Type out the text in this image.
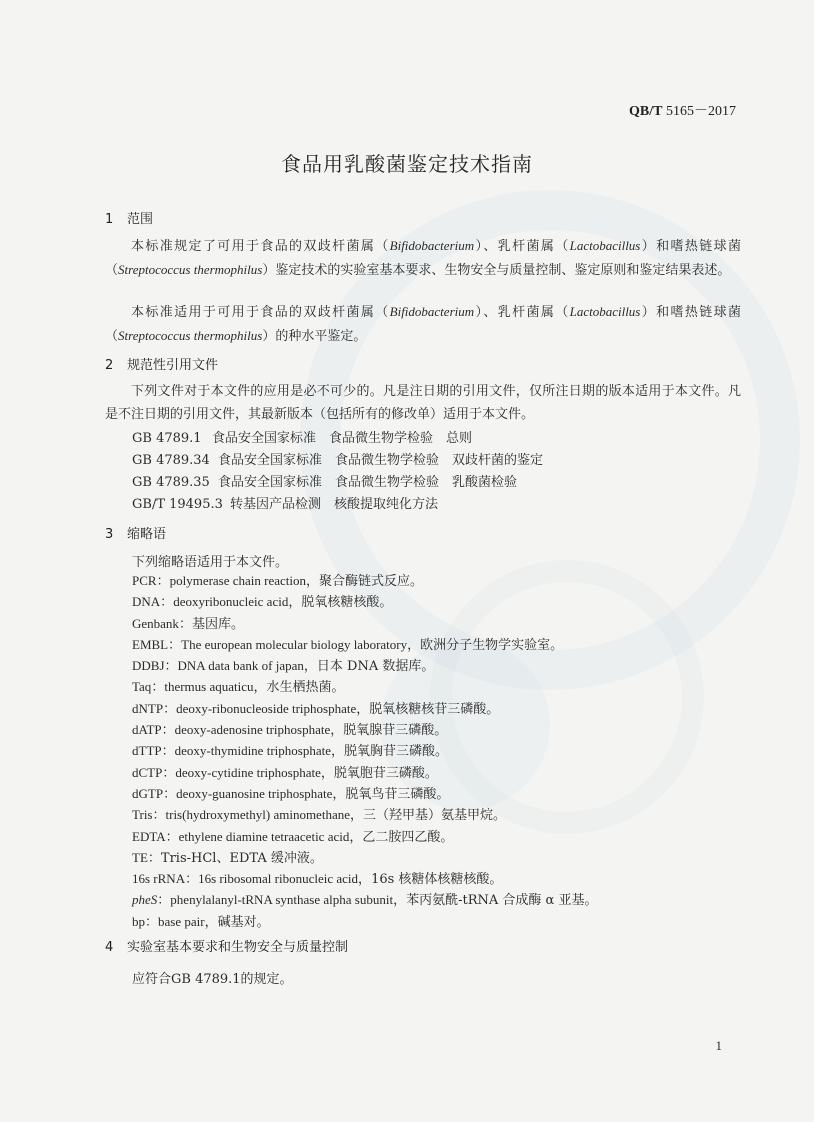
QB/T 5165－2017
食品用乳酸菌鉴定技术指南
1 范围

本标准规定了可用于食品的双歧杆菌属（Bifidobacterium）、乳杆菌属（Lactobacillus）和嗜热链球菌（Streptococcus thermophilus）鉴定技术的实验室基本要求、生物安全与质量控制、鉴定原则和鉴定结果表述。

本标准适用于可用于食品的双歧杆菌属（Bifidobacterium）、乳杆菌属（Lactobacillus）和嗜热链球菌（Streptococcus thermophilus）的种水平鉴定。

2 规范性引用文件

下列文件对于本文件的应用是必不可少的。凡是注日期的引用文件，仅所注日期的版本适用于本文件。凡是不注日期的引用文件，其最新版本（包括所有的修改单）适用于本文件。

GB 4789.1 食品安全国家标准　食品微生物学检验　总则
GB 4789.34 食品安全国家标准　食品微生物学检验　双歧杆菌的鉴定
GB 4789.35 食品安全国家标准　食品微生物学检验　乳酸菌检验
GB/T 19495.3 转基因产品检测　核酸提取纯化方法
3 缩略语
下列缩略语适用于本文件。
PCR：polymerase chain reaction，聚合酶链式反应。
DNA：deoxyribonucleic acid，脱氧核糖核酸。
Genbank：基因库。
EMBL：The european molecular biology laboratory，欧洲分子生物学实验室。
DDBJ：DNA data bank of japan，日本 DNA 数据库。
Taq：thermus aquaticu，水生栖热菌。
dNTP：deoxy-ribonucleoside triphosphate，脱氧核糖核苷三磷酸。
dATP：deoxy-adenosine triphosphate，脱氧腺苷三磷酸。
dTTP：deoxy-thymidine triphosphate，脱氧胸苷三磷酸。
dCTP：deoxy-cytidine triphosphate，脱氧胞苷三磷酸。
dGTP：deoxy-guanosine triphosphate，脱氧鸟苷三磷酸。
Tris：tris(hydroxymethyl) aminomethane，三（羟甲基）氨基甲烷。
EDTA：ethylene diamine tetraacetic acid，乙二胺四乙酸。
TE：Tris-HCl、EDTA 缓冲液。
16s rRNA：16s ribosomal ribonucleic acid，16s 核糖体核糖核酸。
pheS：phenylalanyl-tRNA synthase alpha subunit，苯丙氨酰-tRNA 合成酶 α 亚基。
bp：base pair，碱基对。
4 实验室基本要求和生物安全与质量控制
应符合GB 4789.1的规定。
1
